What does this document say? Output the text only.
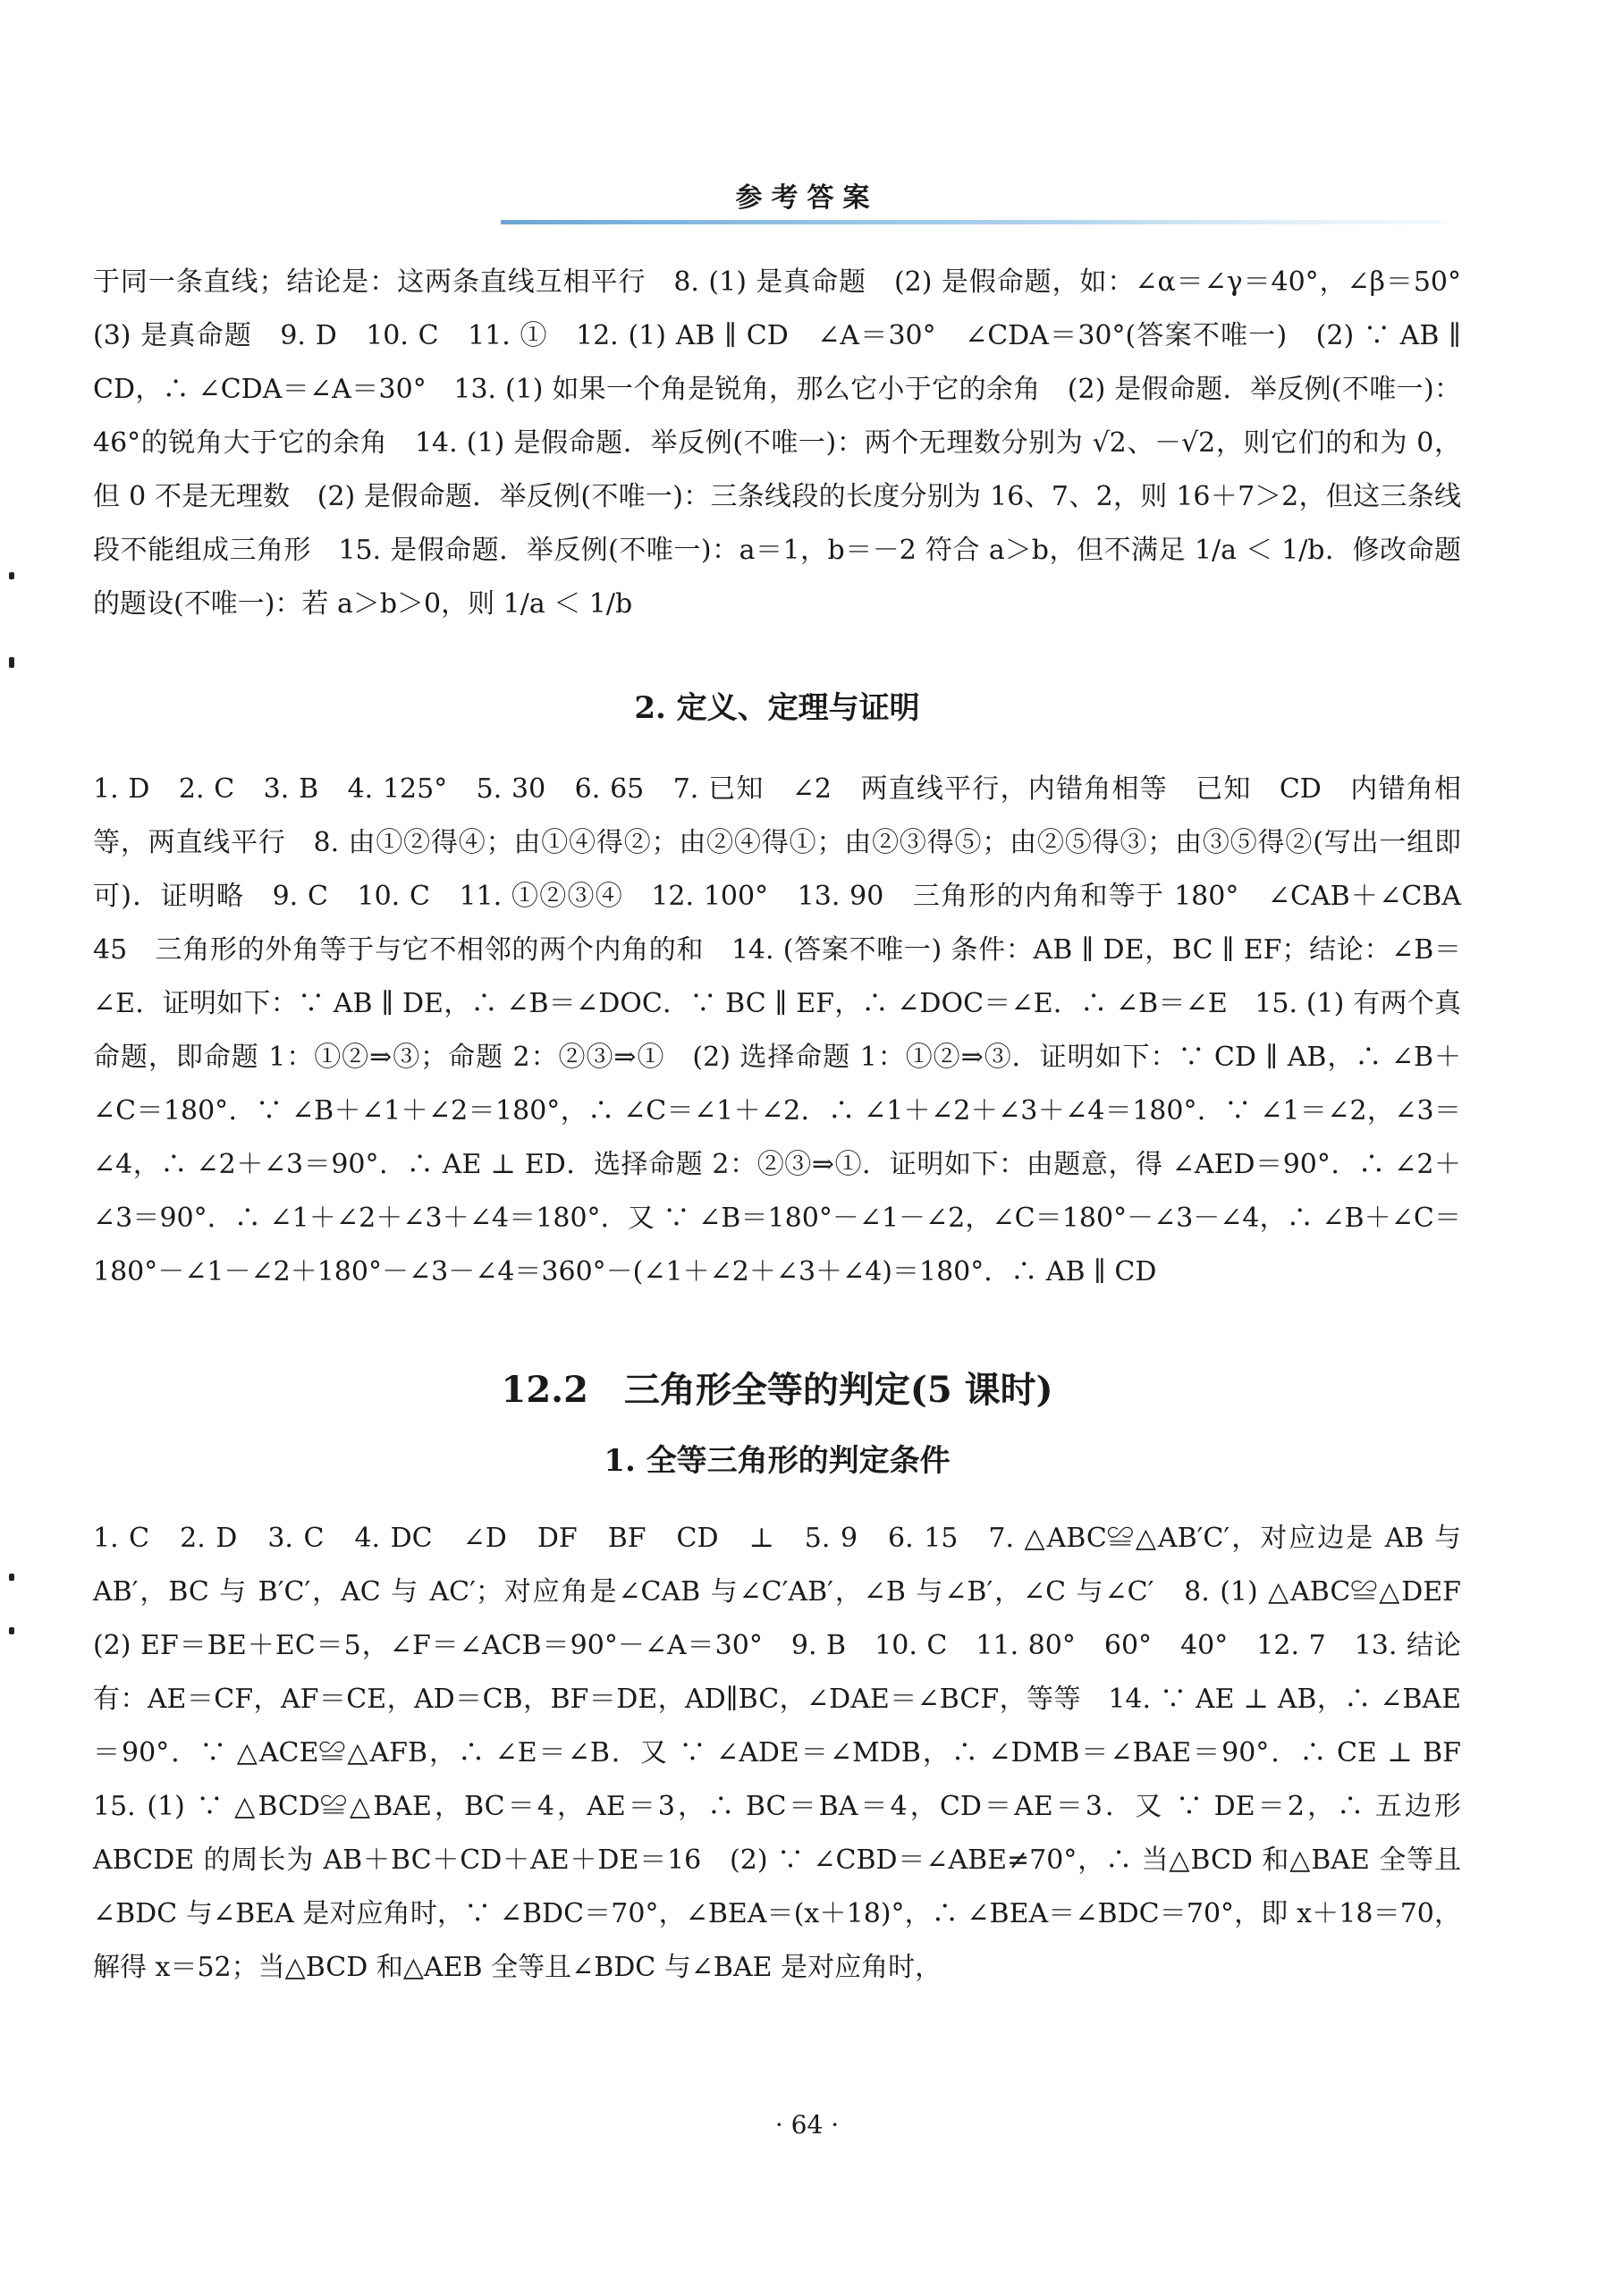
参考答案

于同一条直线；结论是：这两条直线互相平行　8. (1) 是真命题　(2) 是假命题，如：∠α＝∠γ＝40°，∠β＝50°　(3) 是真命题　9. D　10. C　11. ①　12. (1) AB ∥ CD　∠A＝30°　∠CDA＝30°(答案不唯一)　(2) ∵ AB ∥ CD，∴ ∠CDA＝∠A＝30°　13. (1) 如果一个角是锐角，那么它小于它的余角　(2) 是假命题．举反例(不唯一)：46°的锐角大于它的余角　14. (1) 是假命题．举反例(不唯一)：两个无理数分别为 √2、－√2，则它们的和为 0，但 0 不是无理数　(2) 是假命题．举反例(不唯一)：三条线段的长度分别为 16、7、2，则 16＋7＞2，但这三条线段不能组成三角形　15. 是假命题．举反例(不唯一)：a＝1，b＝－2 符合 a＞b，但不满足 1/a ＜ 1/b．修改命题的题设(不唯一)：若 a＞b＞0，则 1/a ＜ 1/b

2. 定义、定理与证明

1. D　2. C　3. B　4. 125°　5. 30　6. 65　7. 已知　∠2　两直线平行，内错角相等　已知　CD　内错角相等，两直线平行　8. 由①②得④；由①④得②；由②④得①；由②③得⑤；由②⑤得③；由③⑤得②(写出一组即可)．证明略　9. C　10. C　11. ①②③④　12. 100°　13. 90　三角形的内角和等于 180°　∠CAB＋∠CBA　45　三角形的外角等于与它不相邻的两个内角的和　14. (答案不唯一) 条件：AB ∥ DE，BC ∥ EF；结论：∠B＝∠E．证明如下：∵ AB ∥ DE，∴ ∠B＝∠DOC．∵ BC ∥ EF，∴ ∠DOC＝∠E．∴ ∠B＝∠E　15. (1) 有两个真命题，即命题 1：①②⇒③；命题 2：②③⇒①　(2) 选择命题 1：①②⇒③．证明如下：∵ CD ∥ AB，∴ ∠B＋∠C＝180°．∵ ∠B＋∠1＋∠2＝180°，∴ ∠C＝∠1＋∠2．∴ ∠1＋∠2＋∠3＋∠4＝180°．∵ ∠1＝∠2，∠3＝∠4，∴ ∠2＋∠3＝90°．∴ AE ⊥ ED．选择命题 2：②③⇒①．证明如下：由题意，得 ∠AED＝90°．∴ ∠2＋∠3＝90°．∴ ∠1＋∠2＋∠3＋∠4＝180°．又 ∵ ∠B＝180°－∠1－∠2，∠C＝180°－∠3－∠4，∴ ∠B＋∠C＝180°－∠1－∠2＋180°－∠3－∠4＝360°－(∠1＋∠2＋∠3＋∠4)＝180°．∴ AB ∥ CD

12.2　三角形全等的判定(5 课时)
1. 全等三角形的判定条件

1. C　2. D　3. C　4. DC　∠D　DF　BF　CD　⊥　5. 9　6. 15　7. △ABC≌△AB′C′，对应边是 AB 与 AB′，BC 与 B′C′，AC 与 AC′；对应角是∠CAB 与∠C′AB′，∠B 与∠B′，∠C 与∠C′　8. (1) △ABC≌△DEF　(2) EF＝BE＋EC＝5，∠F＝∠ACB＝90°－∠A＝30°　9. B　10. C　11. 80°　60°　40°　12. 7　13. 结论有：AE＝CF，AF＝CE，AD＝CB，BF＝DE，AD∥BC，∠DAE＝∠BCF，等等　14. ∵ AE ⊥ AB，∴ ∠BAE＝90°．∵ △ACE≌△AFB，∴ ∠E＝∠B．又 ∵ ∠ADE＝∠MDB，∴ ∠DMB＝∠BAE＝90°．∴ CE ⊥ BF　15. (1) ∵ △BCD≌△BAE，BC＝4，AE＝3，∴ BC＝BA＝4，CD＝AE＝3．又 ∵ DE＝2，∴ 五边形 ABCDE 的周长为 AB＋BC＋CD＋AE＋DE＝16　(2) ∵ ∠CBD＝∠ABE≠70°，∴ 当△BCD 和△BAE 全等且∠BDC 与∠BEA 是对应角时，∵ ∠BDC＝70°，∠BEA＝(x＋18)°，∴ ∠BEA＝∠BDC＝70°，即 x＋18＝70，解得 x＝52；当△BCD 和△AEB 全等且∠BDC 与∠BAE 是对应角时，

· 64 ·
